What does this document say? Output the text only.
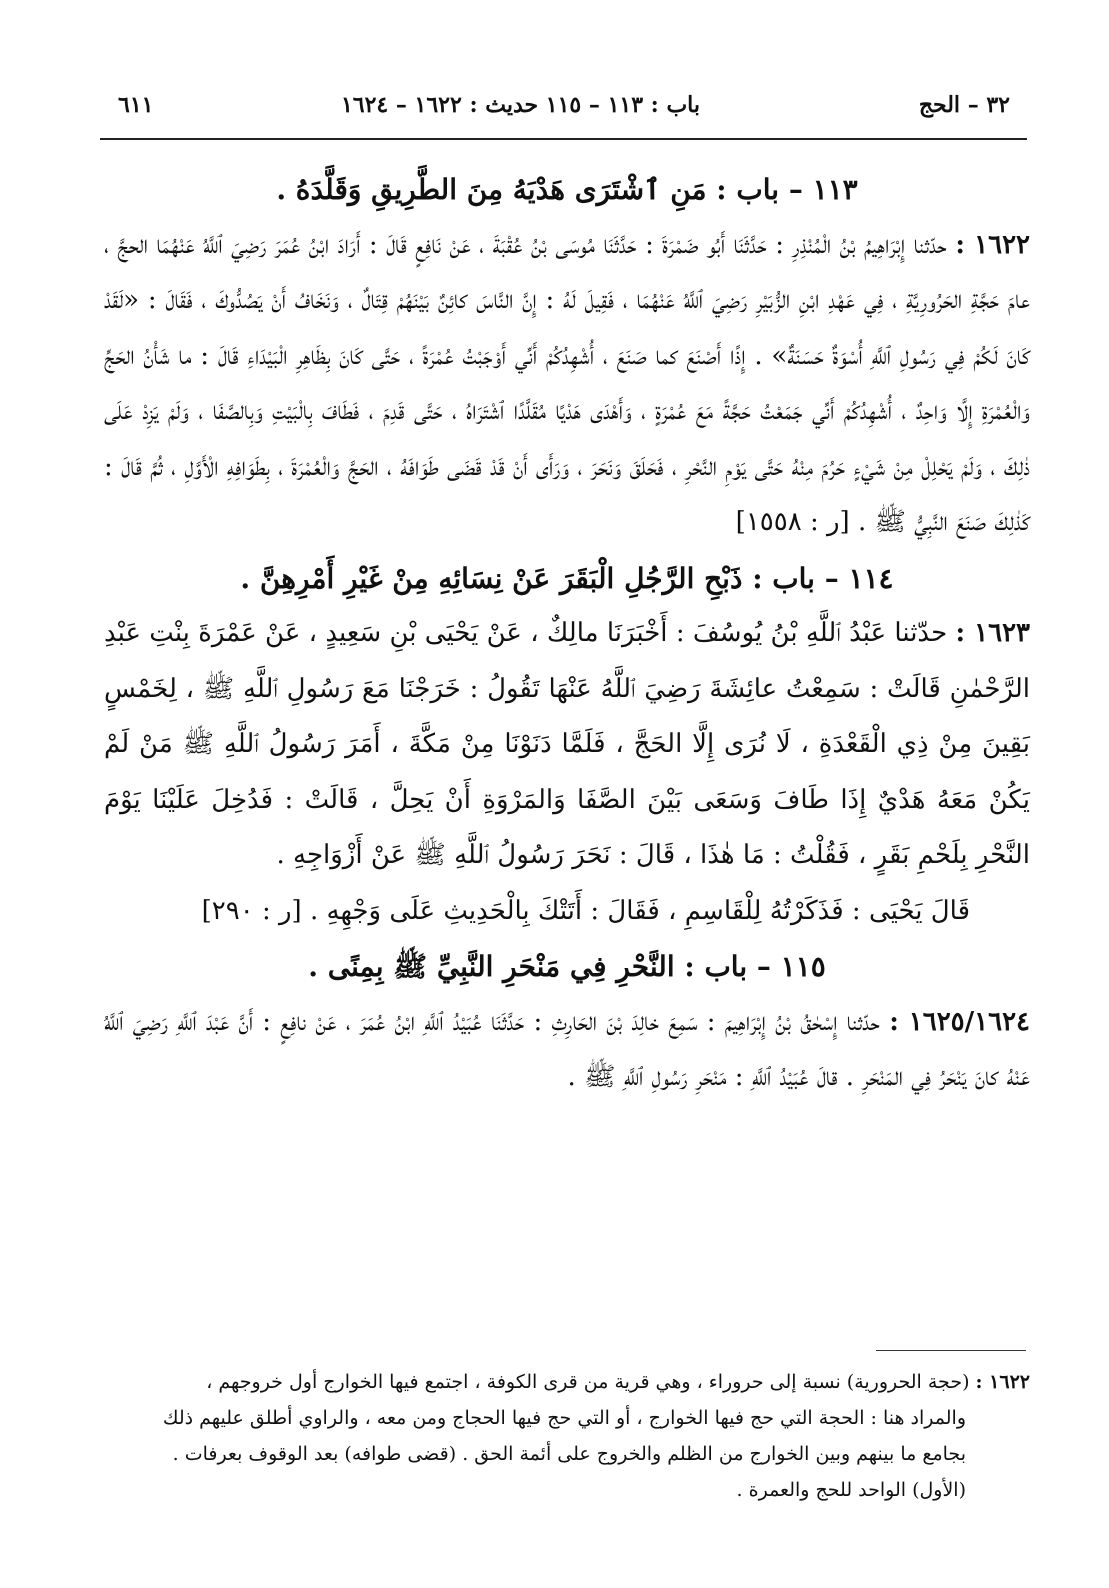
٣٢ – الحج
باب : ١١٣ – ١١٥ حديث : ١٦٢٢ – ١٦٢٤
٦١١

١١٣ – باب : مَنِ ٱشْتَرَى هَدْيَهُ مِنَ الطَّرِيقِ وَقَلَّدَهُ .

١٦٢٢ : حدّثنا إِبْرَاهِيمُ بْنُ الْمُنْذِرِ : حَدَّثَنَا أَبُو ضَمْرَةَ : حَدَّثَنَا مُوسَى بْنُ عُقْبَةَ ، عَنْ نَافِعٍ قَالَ : أَرَادَ ابْنُ عُمَرَ رَضِيَ ٱللَّهُ عَنْهُمَا الحجَّ ، عامَ حَجَّةِ الحَرُورِيَّةِ ، فِي عَهْدِ ابْنِ الزُّبَيْرِ رَضِيَ ٱللَّهُ عَنْهُمَا ، فَقِيلَ لَهُ : إِنَّ النَّاسَ كائِنٌ بَيْنَهُمْ قِتَالٌ ، وَنَخَافُ أَنْ يَصُدُّوكَ ، فَقَالَ : «لَقَدْ كَانَ لَكُمْ فِي رَسُولِ ٱللَّهِ أُسْوَةٌ حَسَنَةٌ» . إِذًا أَصْنَعَ كما صَنَعَ ، أُشْهِدُكُمْ أَنِّي أَوْجَبْتُ عُمْرَةً ، حَتَّى كَانَ بِظَاهِرِ الْبَيْدَاءِ قَالَ : ما شَأْنُ الحَجِّ وَالْعُمْرَةِ إِلَّا وَاحِدٌ ، أُشْهِدُكُمْ أَنِّي جَمَعْتُ حَجَّةً مَعَ عُمْرَةٍ ، وَأَهْدَى هَدْيًا مُقَلَّدًا ٱشْتَرَاهُ ، حَتَّى قَدِمَ ، فَطَافَ بِالْبَيْتِ وَبِالصَّفَا ، وَلَمْ يَزِدْ عَلَى ذٰلِكَ ، وَلَمْ يَحْلِلْ مِنْ شَيْءٍ حَرُمَ مِنْهُ حَتَّى يَوْمِ النَّحْرِ ، فَحَلَقَ وَنَحَرَ ، وَرَأَى أَنْ قَدْ قَضَى طَوَافَهُ ، الحَجَّ وَالْعُمْرَةَ ، بِطَوَافِهِ الْأَوَّلِ ، ثُمَّ قَالَ : كَذٰلِكَ صَنَعَ النَّبِيُّ ﷺ . [ر : ١٥٥٨]

١١٤ – باب : ذَبْحِ الرَّجُلِ الْبَقَرَ عَنْ نِسَائِهِ مِنْ غَيْرِ أَمْرِهِنَّ .

١٦٢٣ : حدّثنا عَبْدُ ٱللَّهِ بْنُ يُوسُفَ : أَخْبَرَنَا مالِكٌ ، عَنْ يَحْيَى بْنِ سَعِيدٍ ، عَنْ عَمْرَةَ بِنْتِ عَبْدِ الرَّحْمٰنِ قَالَتْ : سَمِعْتُ عائِشَةَ رَضِيَ ٱللَّهُ عَنْهَا تَقُولُ : خَرَجْنَا مَعَ رَسُولِ ٱللَّهِ ﷺ ، لِخَمْسٍ بَقِينَ مِنْ ذِي الْقَعْدَةِ ، لَا نُرَى إِلَّا الحَجَّ ، فَلَمَّا دَنَوْنَا مِنْ مَكَّةَ ، أَمَرَ رَسُولُ ٱللَّهِ ﷺ مَنْ لَمْ يَكُنْ مَعَهُ هَدْيٌ إِذَا طَافَ وَسَعَى بَيْنَ الصَّفَا وَالمَرْوَةِ أَنْ يَحِلَّ ، قَالَتْ : فَدُخِلَ عَلَيْنَا يَوْمَ النَّحْرِ بِلَحْمِ بَقَرٍ ، فَقُلْتُ : مَا هٰذَا ، قَالَ : نَحَرَ رَسُولُ ٱللَّهِ ﷺ عَنْ أَزْوَاجِهِ .

قَالَ يَحْيَى : فَذَكَرْتُهُ لِلْقَاسِمِ ، فَقَالَ : أَتَتْكَ بِالْحَدِيثِ عَلَى وَجْهِهِ . [ر : ٢٩٠]

١١٥ – باب : النَّحْرِ فِي مَنْحَرِ النَّبِيِّ ﷺ بِمِنًى .

١٦٢٥/١٦٢٤ : حدّثنا إِسْحٰقُ بْنُ إِبْرَاهِيمَ : سَمِعَ خالِدَ بْنَ الحَارِثِ : حَدَّثَنَا عُبَيْدُ ٱللَّهِ ابْنُ عُمَرَ ، عَنْ نافِعٍ : أَنَّ عَبْدَ ٱللَّهِ رَضِيَ ٱللَّهُ عَنْهُ كانَ يَنْحَرُ فِي المَنْحَرِ . قالَ عُبَيْدُ ٱللَّهِ : مَنْحَرِ رَسُولِ ٱللَّهِ ﷺ .

١٦٢٢ : (حجة الحرورية) نسبة إلى حروراء ، وهي قرية من قرى الكوفة ، اجتمع فيها الخوارج أول خروجهم ،

والمراد هنا : الحجة التي حج فيها الخوارج ، أو التي حج فيها الحجاج ومن معه ، والراوي أطلق عليهم ذلك

بجامع ما بينهم وبين الخوارج من الظلم والخروج على أئمة الحق . (قضى طوافه) بعد الوقوف بعرفات .

(الأول) الواحد للحج والعمرة .
